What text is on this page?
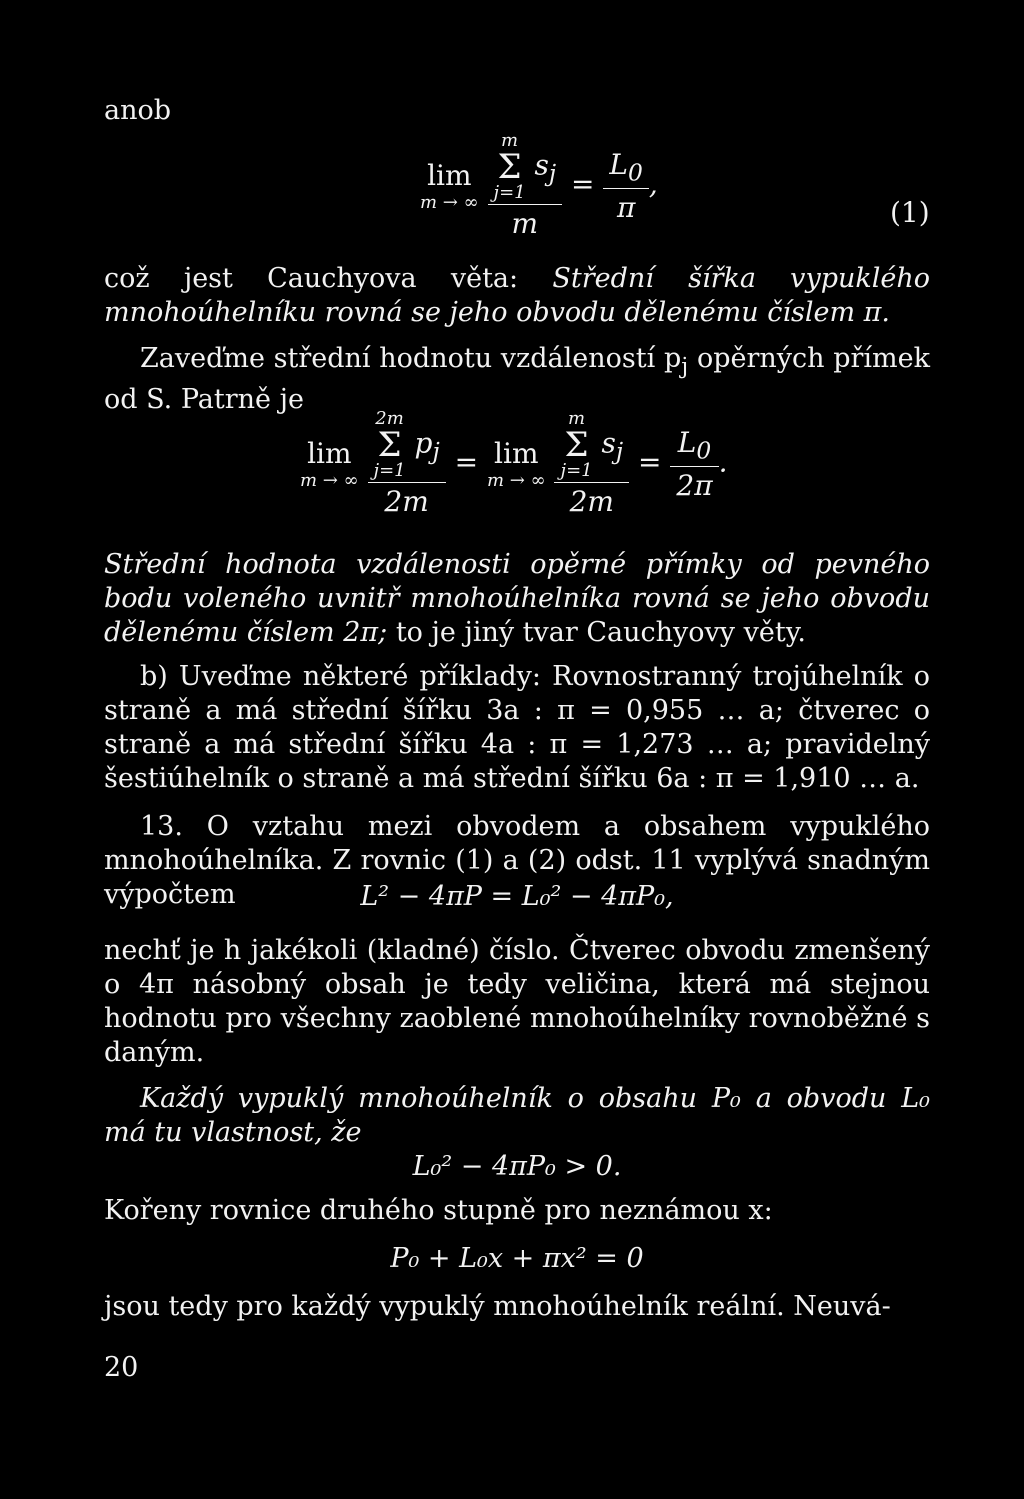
anob

lim
m → ∞
m
Σ
j=1
$s_j$
$m = \frac{L_0}{\pi}$ ,
(1)

což jest Cauchyova věta: Střední šířka vypuklého mnohoúhelníku rovná se jeho obvodu dělenému číslem π.

Zaveďme střední hodnotu vzdáleností $p_j$ opěrných přímek od S. Patrně je

lim
m → ∞
2m
Σ
j=1
$p_j$
2m = lim
m → ∞
m
Σ
j=1
$s_j$
$2m = \frac{L_0}{2\pi}$ .

Střední hodnota vzdálenosti opěrné přímky od pevného bodu voleného uvnitř mnohoúhelníka rovná se jeho obvodu dělenému číslem 2π; to je jiný tvar Cauchyovy věty.

b) Uveďme některé příklady: Rovnostranný trojúhelník o straně a má střední šířku 3a : π = 0,955 … a; čtverec o straně a má střední šířku 4a : π = 1,273 … a; pravidelný šestiúhelník o straně a má střední šířku 6a : π = 1,910 … a.

13. O vztahu mezi obvodem a obsahem vypuklého mnohoúhelníka. Z rovnic (1) a (2) odst. 11 vyplývá snadným výpočtem	L² − 4πP = L₀² − 4πP₀,

nechť je h jakékoli (kladné) číslo. Čtverec obvodu zmenšený o 4π násobný obsah je tedy veličina, která má stejnou hodnotu pro všechny zaoblené mnohoúhelníky rovnoběžné s daným.

Každý vypuklý mnohoúhelník o obsahu P₀ a obvodu L₀ má tu vlastnost, že

L₀² − 4πP₀ > 0.

Kořeny rovnice druhého stupně pro neznámou x:

P₀ + L₀x + πx² = 0

jsou tedy pro každý vypuklý mnohoúhelník reální. Neuvá-

20
